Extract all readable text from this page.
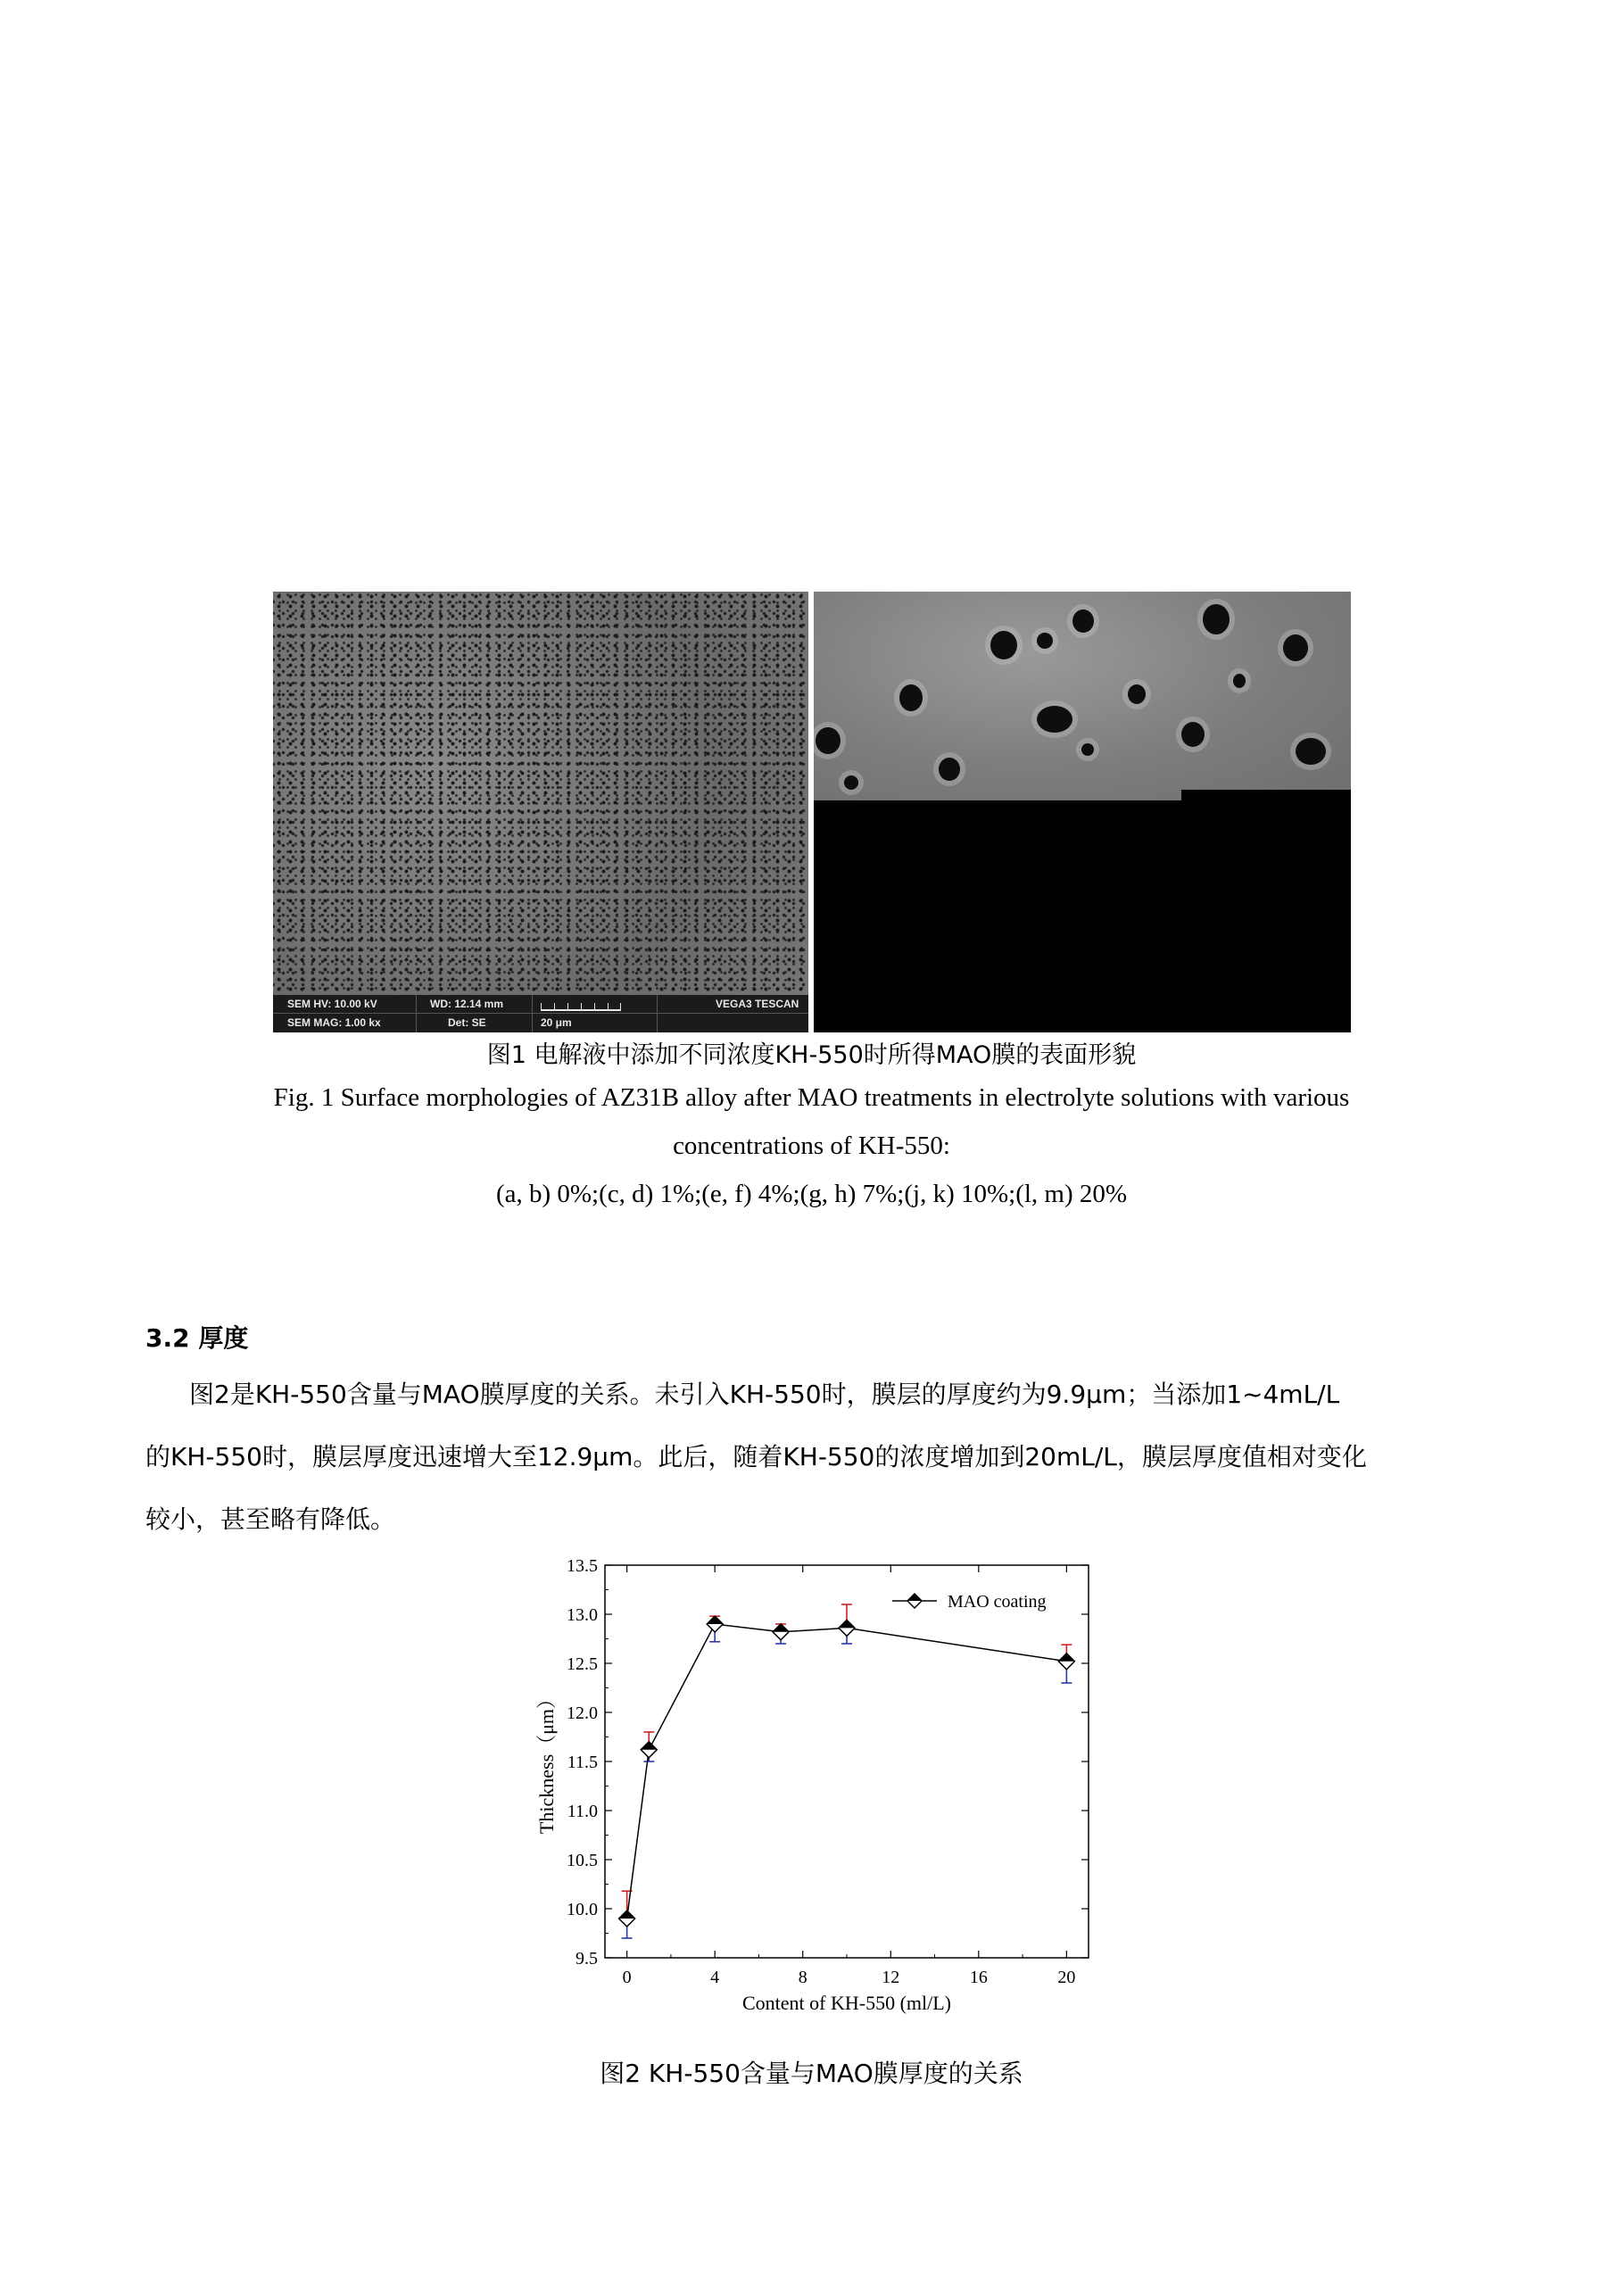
SEM HV: 10.00 kV	WD: 12.14 mm
SEM MAG: 1.00 kx	Det: SE	20 μm
VEGA3 TESCAN
图1 电解液中添加不同浓度KH-550时所得MAO膜的表面形貌
Fig. 1 Surface morphologies of AZ31B alloy after MAO treatments in electrolyte solutions with various
concentrations of KH-550:
(a, b) 0%;(c, d) 1%;(e, f) 4%;(g, h) 7%;(j, k) 10%;(l, m) 20%
3.2 厚度
图2是KH-550含量与MAO膜厚度的关系。未引入KH-550时，膜层的厚度约为9.9μm；当添加1~4mL/L
的KH-550时，膜层厚度迅速增大至12.9μm。此后，随着KH-550的浓度增加到20mL/L，膜层厚度值相对变化
较小，甚至略有降低。
9.5
10.0
10.5
11.0
11.5
12.0
12.5
13.0
13.5
0	4	8	12	16	20
MAO coating
Content of KH-550 (ml/L)
Thickness（μm）
图2 KH-550含量与MAO膜厚度的关系
